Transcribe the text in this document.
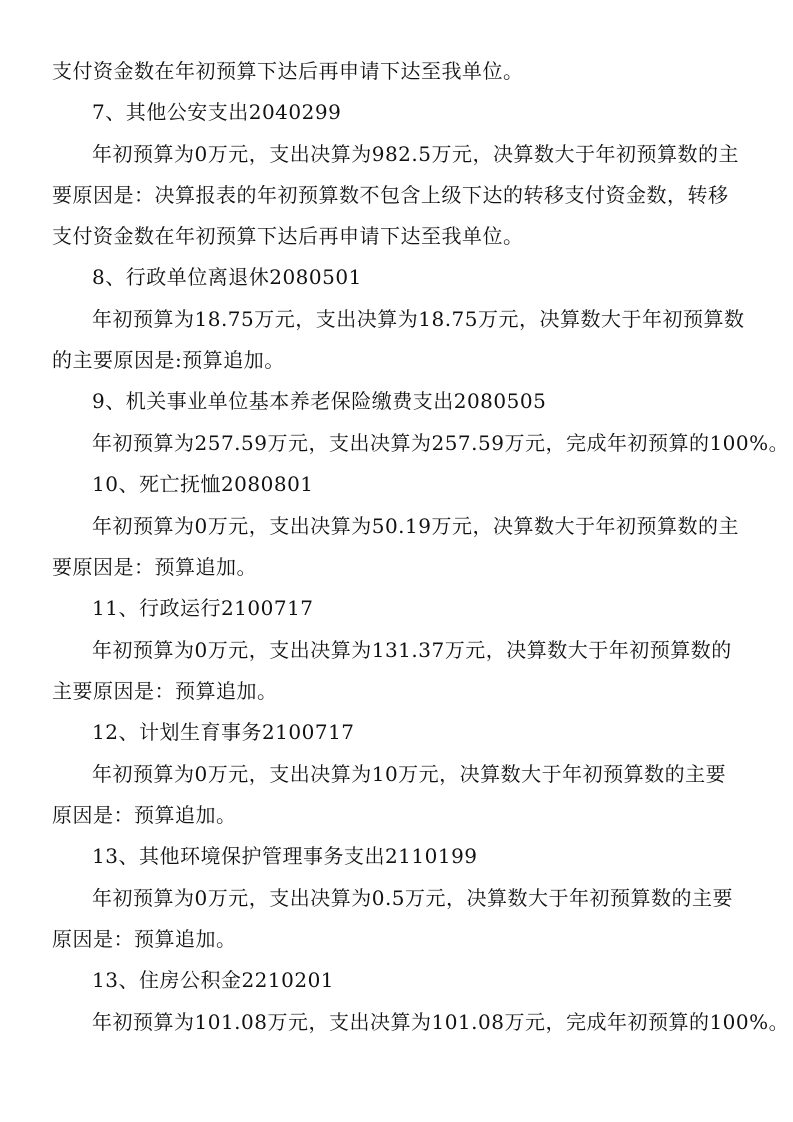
支付资金数在年初预算下达后再申请下达至我单位。
7、其他公安支出2040299
年初预算为0万元，支出决算为982.5万元，决算数大于年初预算数的主
要原因是：决算报表的年初预算数不包含上级下达的转移支付资金数，转移
支付资金数在年初预算下达后再申请下达至我单位。
8、行政单位离退休2080501
年初预算为18.75万元，支出决算为18.75万元，决算数大于年初预算数
的主要原因是:预算追加。
9、机关事业单位基本养老保险缴费支出2080505
年初预算为257.59万元，支出决算为257.59万元，完成年初预算的100%。
10、死亡抚恤2080801
年初预算为0万元，支出决算为50.19万元，决算数大于年初预算数的主
要原因是：预算追加。
11、行政运行2100717
年初预算为0万元，支出决算为131.37万元，决算数大于年初预算数的
主要原因是：预算追加。
12、计划生育事务2100717
年初预算为0万元，支出决算为10万元，决算数大于年初预算数的主要
原因是：预算追加。
13、其他环境保护管理事务支出2110199
年初预算为0万元，支出决算为0.5万元，决算数大于年初预算数的主要
原因是：预算追加。
13、住房公积金2210201
年初预算为101.08万元，支出决算为101.08万元，完成年初预算的100%。
